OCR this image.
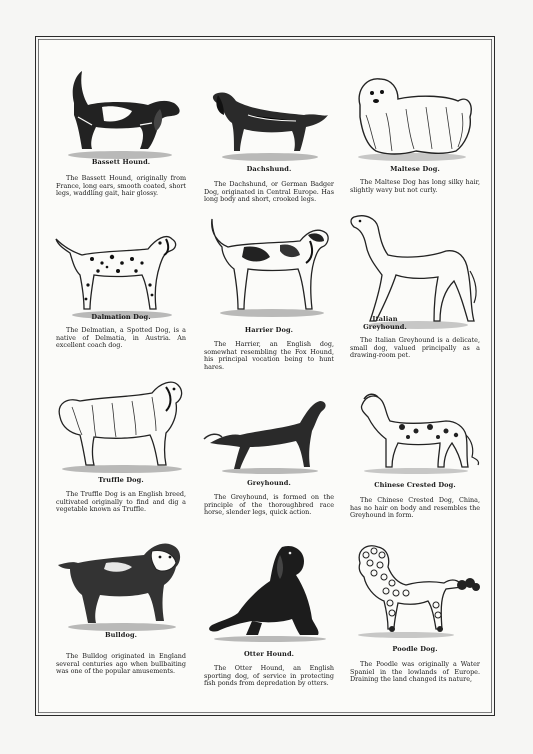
Bassett Hound.
The Bassett Hound, originally from France, long ears, smooth coated, short legs, waddling gait, hair glossy.
Dachshund.
The Dachshund, or German Badger Dog, originated in Central Europe. Has long body and short, crooked legs.
Maltese Dog.
The Maltese Dog has long silky hair, slightly wavy but not curly.
Dalmation Dog.
The Delmatian, a Spotted Dog, is a native of Delmatia, in Austria. An excellent coach dog.
Harrier Dog.
The Harrier, an English dog, somewhat resembling the Fox Hound, his principal vocation being to hunt hares.
Italian Greyhound.
The Italian Greyhound is a delicate, small dog, valued principally as a drawing-room pet.
Truffle Dog.
The Truffle Dog is an English breed, cultivated originally to find and dig a vegetable known as Truffle.
Greyhound.
The Greyhound, is formed on the principle of the thoroughbred race horse, slender legs, quick action.
Chinese Crested Dog.
The Chinese Crested Dog, China, has no hair on body and resembles the Greyhound in form.
Bulldog.
The Bulldog originated in England several centuries ago when bullbaiting was one of the popular amusements.
Otter Hound.
The Otter Hound, an English sporting dog, of service in protecting fish ponds from depredation by otters.
Poodle Dog.
The Poodle was originally a Water Spaniel in the lowlands of Europe. Draining the land changed its nature,
